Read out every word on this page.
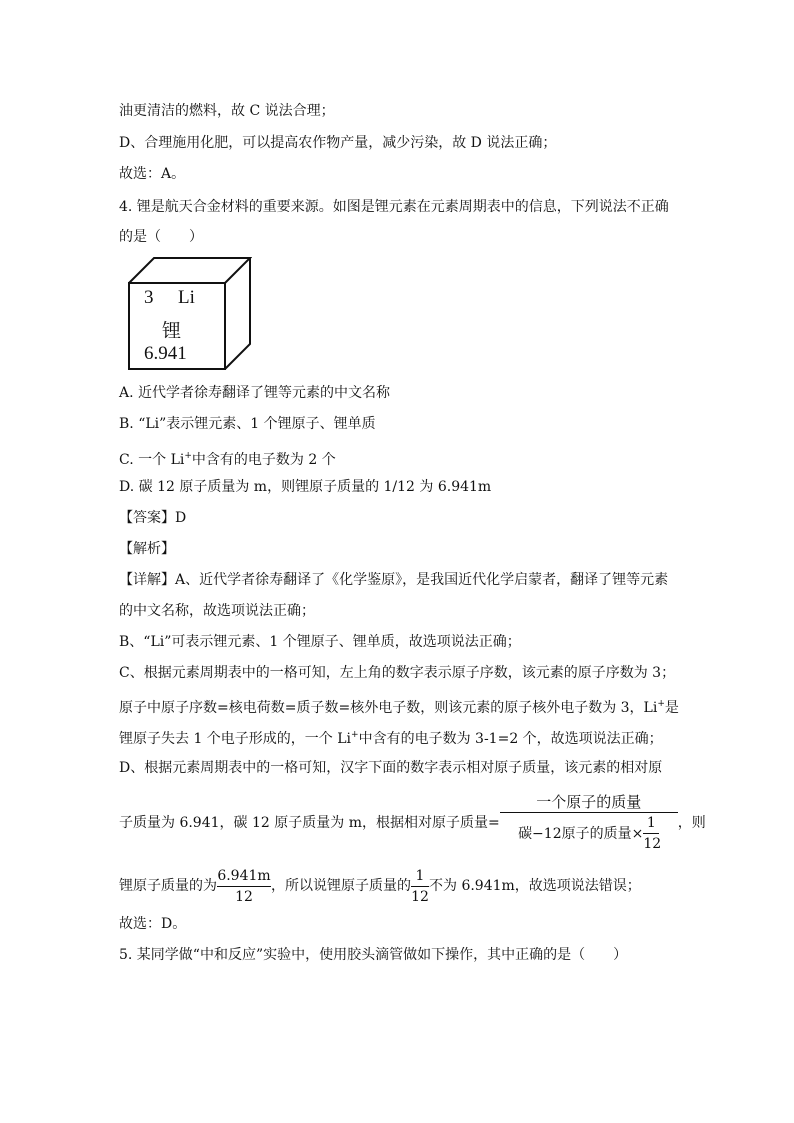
油更清洁的燃料，故 C 说法合理；
D、合理施用化肥，可以提高农作物产量，减少污染，故 D 说法正确；
故选：A。
4. 锂是航天合金材料的重要来源。如图是锂元素在元素周期表中的信息，下列说法不正确
的是（　　）
3 Li
锂
6.941
A. 近代学者徐寿翻译了锂等元素的中文名称
B. “Li”表示锂元素、1 个锂原子、锂单质
C. 一个 Li+中含有的电子数为 2 个
D. 碳 12 原子质量为 m，则锂原子质量的 1/12 为 6.941m
【答案】D
【解析】
【详解】A、近代学者徐寿翻译了《化学鉴原》，是我国近代化学启蒙者，翻译了锂等元素
的中文名称，故选项说法正确；
B、“Li”可表示锂元素、1 个锂原子、锂单质，故选项说法正确；
C、根据元素周期表中的一格可知，左上角的数字表示原子序数，该元素的原子序数为 3；
原子中原子序数=核电荷数=质子数=核外电子数，则该元素的原子核外电子数为 3，Li+是
锂原子失去 1 个电子形成的，一个 Li+中含有的电子数为 3-1=2 个，故选项说法正确；
D、根据元素周期表中的一格可知，汉字下面的数字表示相对原子质量，该元素的相对原
子质量为 6.941，碳 12 原子质量为 m，根据相对原子质量= $\frac{\text{一个原子的质量}}{碳-12原子的质量\times \frac{1}{12}}$ ，则
锂原子质量的为 $\frac{6.941m}{12}$ ，所以说锂原子质量的 $\frac{1}{12}$ 不为 6.941m，故选项说法错误；
故选：D。
5. 某同学做“中和反应”实验中，使用胶头滴管做如下操作，其中正确的是（　　）
